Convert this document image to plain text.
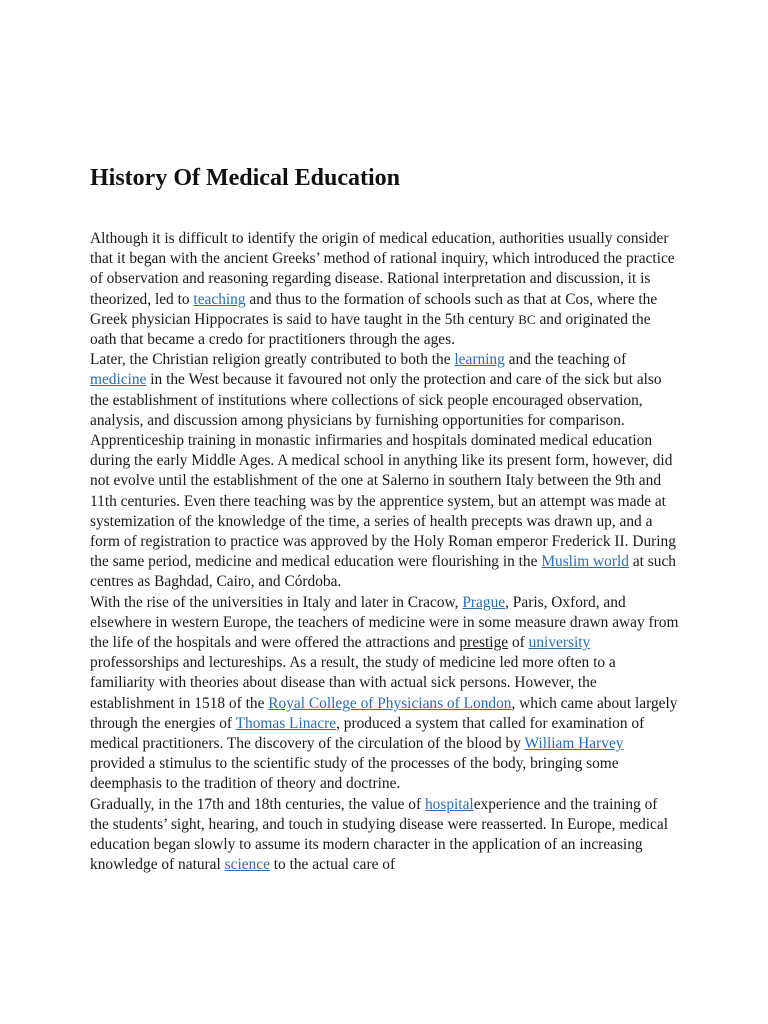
History Of Medical Education

Although it is difficult to identify the origin of medical education, authorities usually consider that it began with the ancient Greeks’ method of rational inquiry, which introduced the practice of observation and reasoning regarding disease. Rational interpretation and discussion, it is theorized, led to teaching and thus to the formation of schools such as that at Cos, where the Greek physician Hippocrates is said to have taught in the 5th century BC and originated the oath that became a credo for practitioners through the ages.

Later, the Christian religion greatly contributed to both the learning and the teaching of medicine in the West because it favoured not only the protection and care of the sick but also the establishment of institutions where collections of sick people encouraged observation, analysis, and discussion among physicians by furnishing opportunities for comparison. Apprenticeship training in monastic infirmaries and hospitals dominated medical education during the early Middle Ages. A medical school in anything like its present form, however, did not evolve until the establishment of the one at Salerno in southern Italy between the 9th and 11th centuries. Even there teaching was by the apprentice system, but an attempt was made at systemization of the knowledge of the time, a series of health precepts was drawn up, and a form of registration to practice was approved by the Holy Roman emperor Frederick II. During the same period, medicine and medical education were flourishing in the Muslim world at such centres as Baghdad, Cairo, and Córdoba.

With the rise of the universities in Italy and later in Cracow, Prague, Paris, Oxford, and elsewhere in western Europe, the teachers of medicine were in some measure drawn away from the life of the hospitals and were offered the attractions and prestige of university professorships and lectureships. As a result, the study of medicine led more often to a familiarity with theories about disease than with actual sick persons. However, the establishment in 1518 of the Royal College of Physicians of London, which came about largely through the energies of Thomas Linacre, produced a system that called for examination of medical practitioners. The discovery of the circulation of the blood by William Harvey provided a stimulus to the scientific study of the processes of the body, bringing some deemphasis to the tradition of theory and doctrine.

Gradually, in the 17th and 18th centuries, the value of hospitalexperience and the training of the students’ sight, hearing, and touch in studying disease were reasserted. In Europe, medical education began slowly to assume its modern character in the application of an increasing knowledge of natural science to the actual care of
